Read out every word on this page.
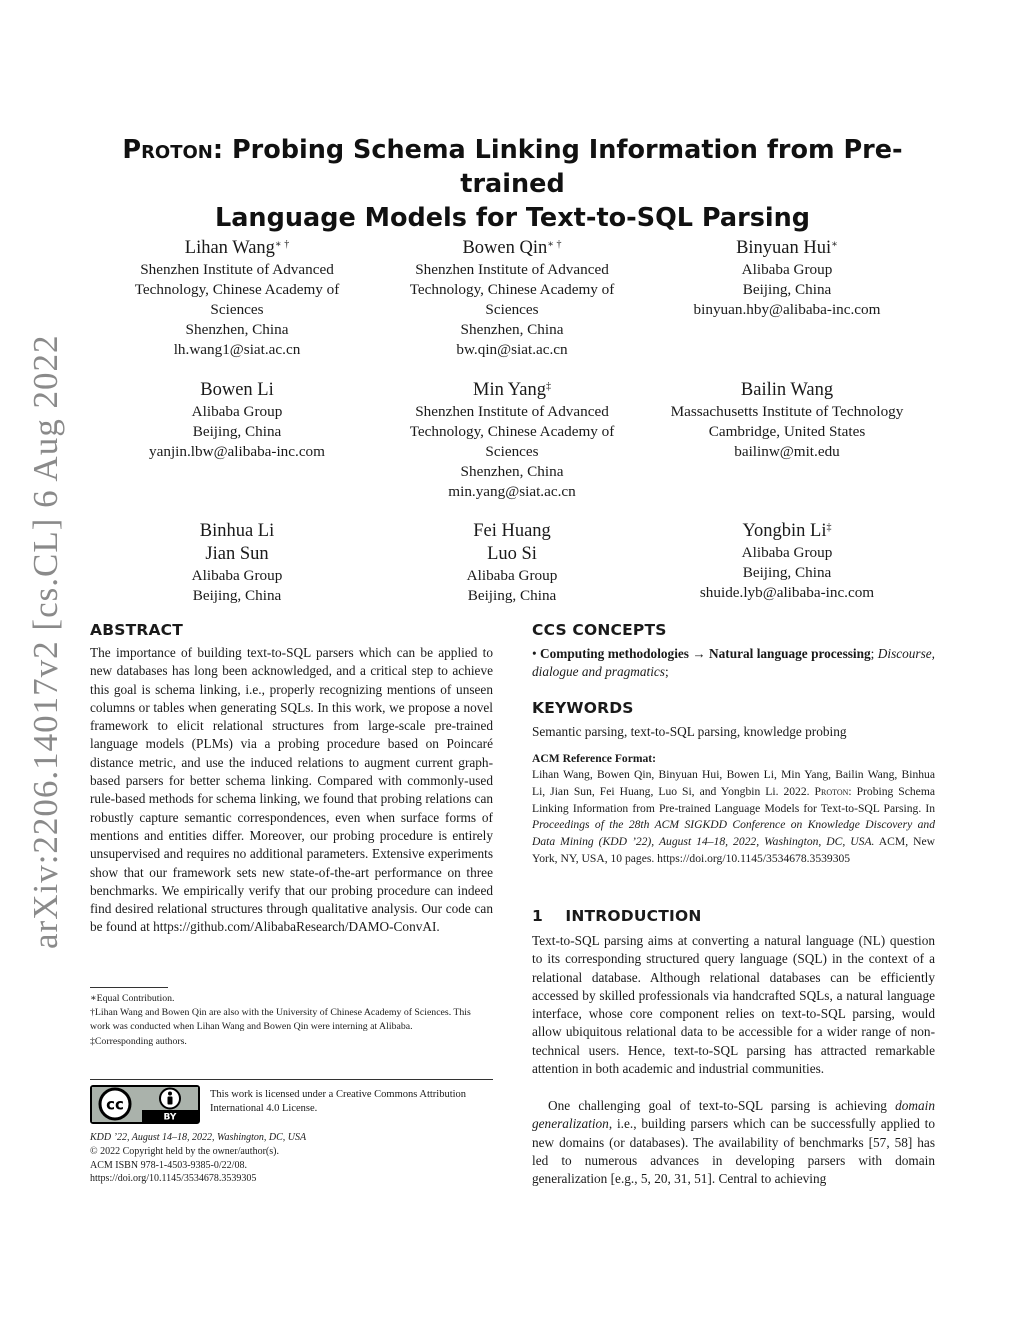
arXiv:2206.14017v2 [cs.CL] 6 Aug 2022
Proton: Probing Schema Linking Information from Pre-trained
Language Models for Text-to-SQL Parsing
Lihan Wang∗ †
Shenzhen Institute of Advanced
Technology, Chinese Academy of
Sciences
Shenzhen, China
lh.wang1@siat.ac.cn
Bowen Qin∗ †
Shenzhen Institute of Advanced
Technology, Chinese Academy of
Sciences
Shenzhen, China
bw.qin@siat.ac.cn
Binyuan Hui∗
Alibaba Group
Beijing, China
binyuan.hby@alibaba-inc.com
Bowen Li
Alibaba Group
Beijing, China
yanjin.lbw@alibaba-inc.com
Min Yang‡
Shenzhen Institute of Advanced
Technology, Chinese Academy of
Sciences
Shenzhen, China
min.yang@siat.ac.cn
Bailin Wang
Massachusetts Institute of Technology
Cambridge, United States
bailinw@mit.edu
Binhua Li
Jian Sun
Alibaba Group
Beijing, China
Fei Huang
Luo Si
Alibaba Group
Beijing, China
Yongbin Li‡
Alibaba Group
Beijing, China
shuide.lyb@alibaba-inc.com
ABSTRACT

The importance of building text-to-SQL parsers which can be applied to new databases has long been acknowledged, and a critical step to achieve this goal is schema linking, i.e., properly recognizing mentions of unseen columns or tables when generating SQLs. In this work, we propose a novel framework to elicit relational structures from large-scale pre-trained language models (PLMs) via a probing procedure based on Poincaré distance metric, and use the induced relations to augment current graph-based parsers for better schema linking. Compared with commonly-used rule-based methods for schema linking, we found that probing relations can robustly capture semantic correspondences, even when surface forms of mentions and entities differ. Moreover, our probing procedure is entirely unsupervised and requires no additional parameters. Extensive experiments show that our framework sets new state-of-the-art performance on three benchmarks. We empirically verify that our probing procedure can indeed find desired relational structures through qualitative analysis. Our code can be found at https://github.com/AlibabaResearch/DAMO-ConvAI.

∗Equal Contribution.
†Lihan Wang and Bowen Qin are also with the University of Chinese Academy of Sciences. This work was conducted when Lihan Wang and Bowen Qin were interning at Alibaba.
‡Corresponding authors.
cc
BY
This work is licensed under a Creative Commons Attribution International 4.0 License.
KDD ’22, August 14–18, 2022, Washington, DC, USA
© 2022 Copyright held by the owner/author(s).
ACM ISBN 978-1-4503-9385-0/22/08.
https://doi.org/10.1145/3534678.3539305
CCS CONCEPTS

• Computing methodologies → Natural language processing; Discourse, dialogue and pragmatics;

KEYWORDS

Semantic parsing, text-to-SQL parsing, knowledge probing

ACM Reference Format:

Lihan Wang, Bowen Qin, Binyuan Hui, Bowen Li, Min Yang, Bailin Wang, Binhua Li, Jian Sun, Fei Huang, Luo Si, and Yongbin Li. 2022. Proton: Probing Schema Linking Information from Pre-trained Language Models for Text-to-SQL Parsing. In Proceedings of the 28th ACM SIGKDD Conference on Knowledge Discovery and Data Mining (KDD ’22), August 14–18, 2022, Washington, DC, USA. ACM, New York, NY, USA, 10 pages. https://doi.org/10.1145/3534678.3539305

1    INTRODUCTION

Text-to-SQL parsing aims at converting a natural language (NL) question to its corresponding structured query language (SQL) in the context of a relational database. Although relational databases can be efficiently accessed by skilled professionals via handcrafted SQLs, a natural language interface, whose core component relies on text-to-SQL parsing, would allow ubiquitous relational data to be accessible for a wider range of non-technical users. Hence, text-to-SQL parsing has attracted remarkable attention in both academic and industrial communities.

One challenging goal of text-to-SQL parsing is achieving domain generalization, i.e., building parsers which can be successfully applied to new domains (or databases). The availability of benchmarks [57, 58] has led to numerous advances in developing parsers with domain generalization [e.g., 5, 20, 31, 51]. Central to achieving
